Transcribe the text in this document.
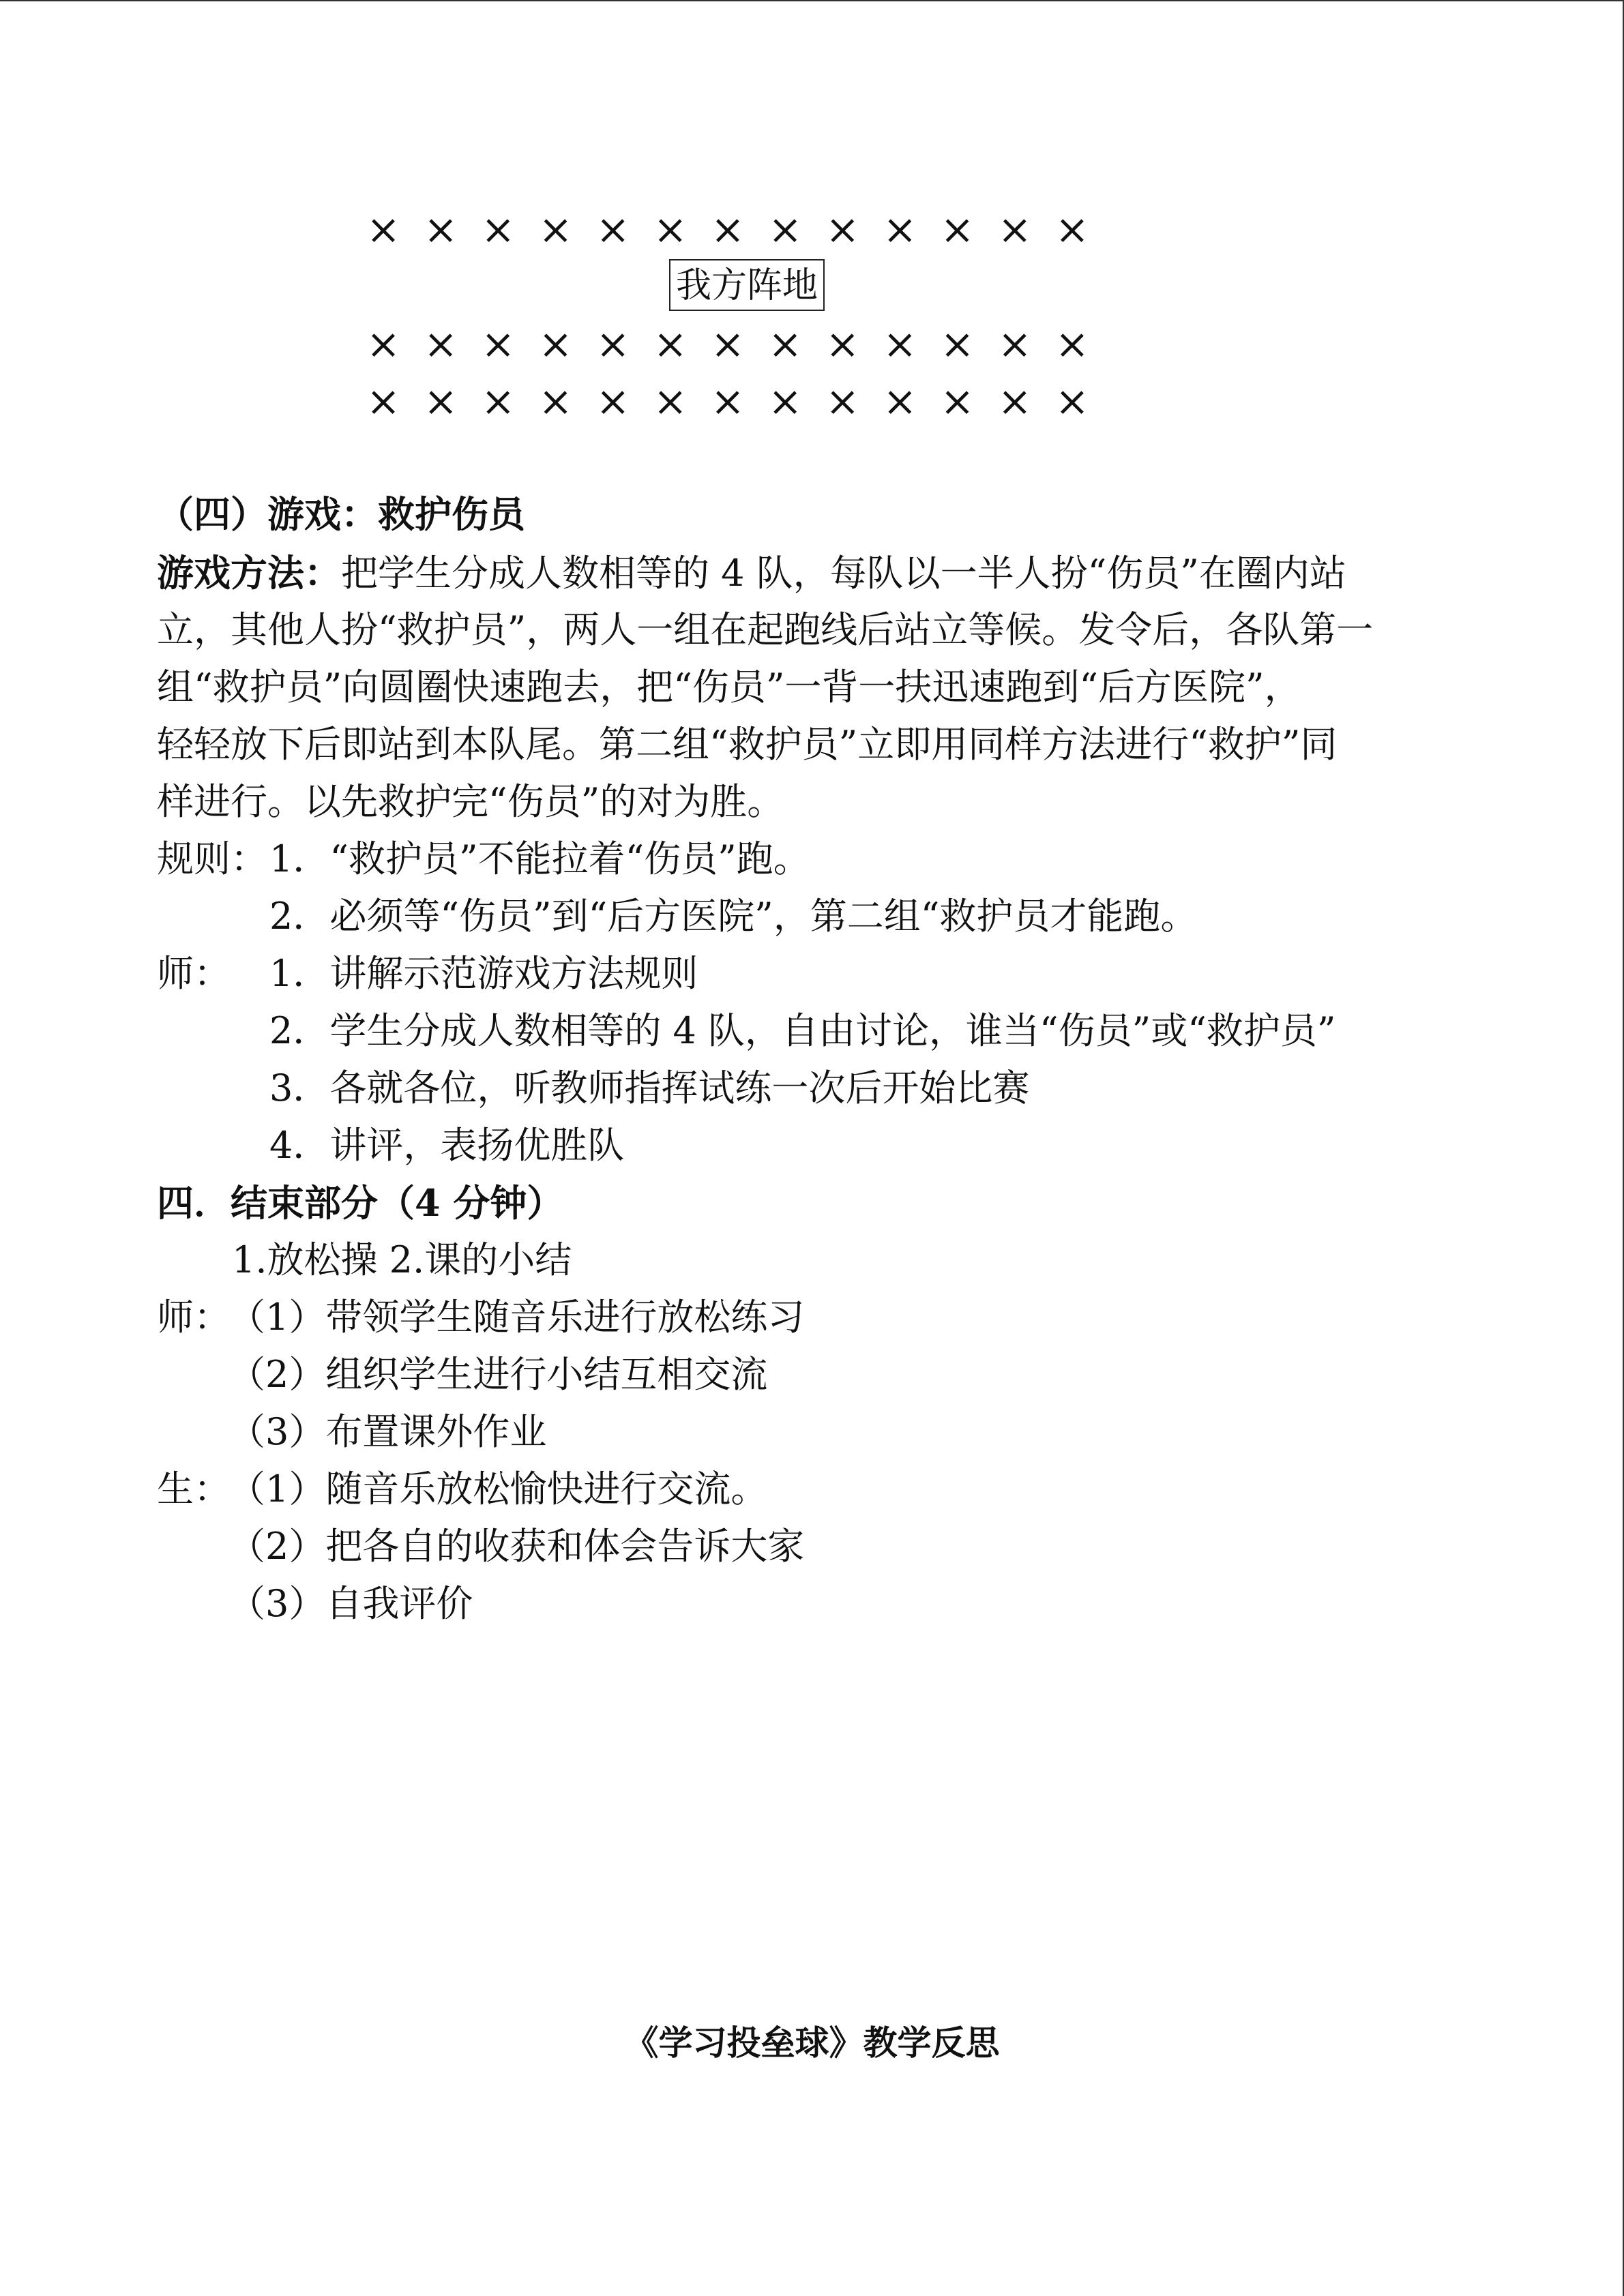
× × × × × × × × × × × × ×
我方阵地
× × × × × × × × × × × × ×
× × × × × × × × × × × × ×
（四）游戏：救护伤员
游戏方法：把学生分成人数相等的 4 队，每队以一半人扮“伤员”在圈内站
立，其他人扮“救护员”，两人一组在起跑线后站立等候。发令后，各队第一
组“救护员”向圆圈快速跑去，把“伤员”一背一扶迅速跑到“后方医院”，
轻轻放下后即站到本队尾。第二组“救护员”立即用同样方法进行“救护”同
样进行。以先救护完“伤员”的对为胜。
规则： 1．“救护员”不能拉着“伤员”跑。
2．必须等“伤员”到“后方医院”，第二组“救护员才能跑。
师： 1．讲解示范游戏方法规则
2．学生分成人数相等的 4 队，自由讨论，谁当“伤员”或“救护员”
3．各就各位，听教师指挥试练一次后开始比赛
4．讲评，表扬优胜队
四．结束部分（4 分钟）
1.放松操 2.课的小结
师：
（1）带领学生随音乐进行放松练习
（2）组织学生进行小结互相交流
（3）布置课外作业
生：
（1）随音乐放松愉快进行交流。
（2）把各自的收获和体会告诉大家
（3）自我评价
《学习投垒球》教学反思
